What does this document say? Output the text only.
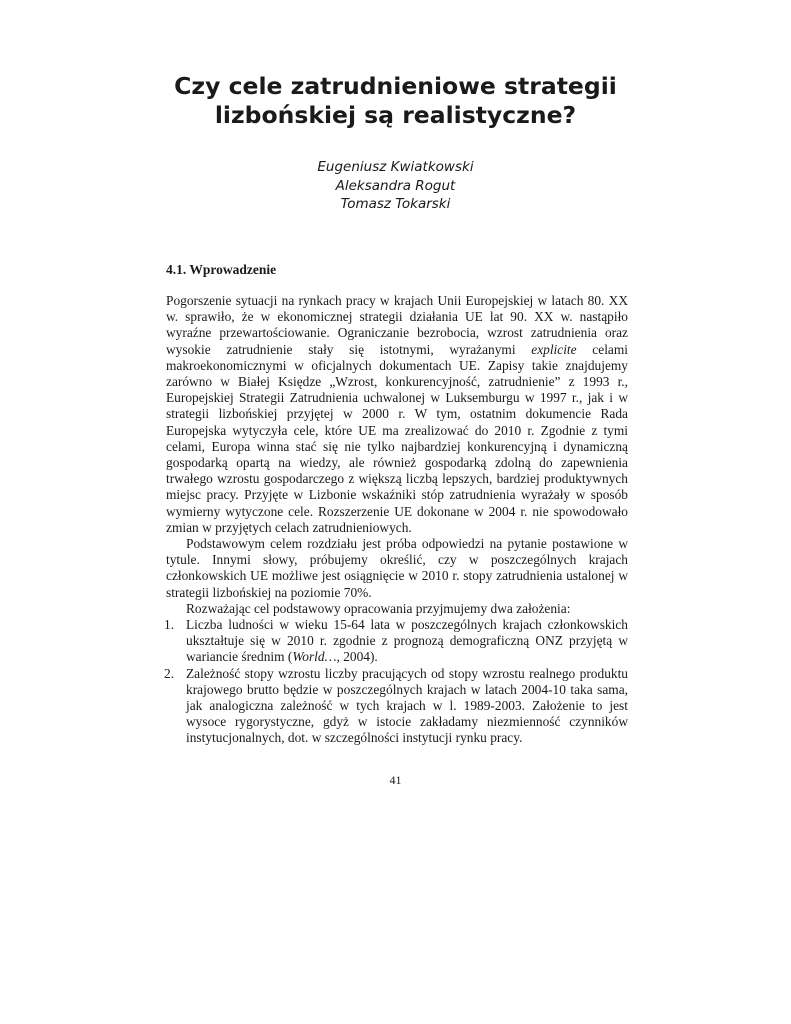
Czy cele zatrudnieniowe strategii
lizbońskiej są realistyczne?
Eugeniusz Kwiatkowski
Aleksandra Rogut
Tomasz Tokarski
4.1. Wprowadzenie

Pogorszenie sytuacji na rynkach pracy w krajach Unii Europejskiej w latach 80. XX w. sprawiło, że w ekonomicznej strategii działania UE lat 90. XX w. nastąpiło wyraźne przewartościowanie. Ograniczanie bezrobocia, wzrost zatrudnienia oraz wysokie zatrudnienie stały się istotnymi, wyrażanymi explicite celami makroekonomicznymi w oficjalnych dokumentach UE. Zapisy takie znajdujemy zarówno w Białej Księdze „Wzrost, konkurencyjność, zatrudnienie” z 1993 r., Europejskiej Strategii Zatrudnienia uchwalonej w Luksemburgu w 1997 r., jak i w strategii lizbońskiej przyjętej w 2000 r. W tym, ostatnim dokumencie Rada Europejska wytyczyła cele, które UE ma zrealizować do 2010 r. Zgodnie z tymi celami, Europa winna stać się nie tylko najbardziej konkurencyjną i dynamiczną gospodarką opartą na wiedzy, ale również gospodarką zdolną do zapewnienia trwałego wzrostu gospodarczego z większą liczbą lepszych, bardziej produktywnych miejsc pracy. Przyjęte w Lizbonie wskaźniki stóp zatrudnienia wyrażały w sposób wymierny wytyczone cele. Rozszerzenie UE dokonane w 2004 r. nie spowodowało zmian w przyjętych celach zatrudnieniowych.

Podstawowym celem rozdziału jest próba odpowiedzi na pytanie postawione w tytule. Innymi słowy, próbujemy określić, czy w poszczególnych krajach członkowskich UE możliwe jest osiągnięcie w 2010 r. stopy zatrudnienia ustalonej w strategii lizbońskiej na poziomie 70%.

Rozważając cel podstawowy opracowania przyjmujemy dwa założenia:

1. Liczba ludności w wieku 15-64 lata w poszczególnych krajach członkowskich ukształtuje się w 2010 r. zgodnie z prognozą demograficzną ONZ przyjętą w wariancie średnim (World…, 2004).
2. Zależność stopy wzrostu liczby pracujących od stopy wzrostu realnego produktu krajowego brutto będzie w poszczególnych krajach w latach 2004-10 taka sama, jak analogiczna zależność w tych krajach w l. 1989-2003. Założenie to jest wysoce rygorystyczne, gdyż w istocie zakładamy niezmienność czynników instytucjonalnych, dot. w szczególności instytucji rynku pracy.
41
